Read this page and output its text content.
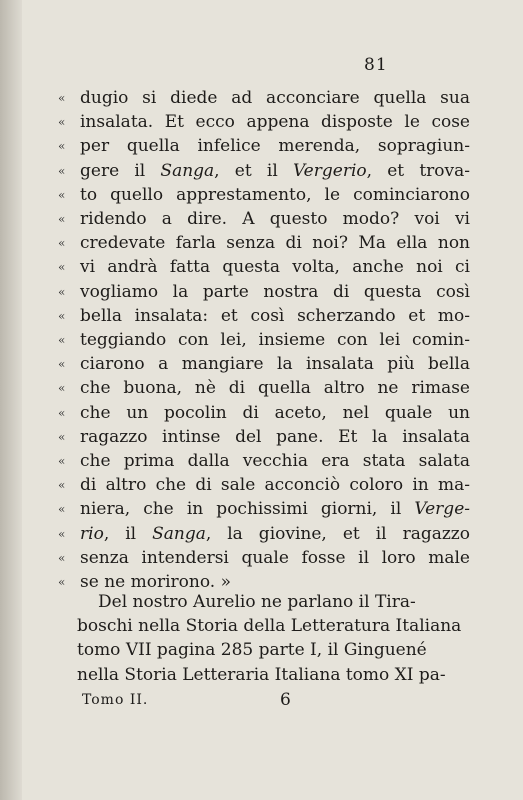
81
« dugio si diede ad acconciare quella sua
« insalata. Et ecco appena disposte le cose
« per quella infelice merenda, sopragiun-
« gere il Sanga, et il Vergerio, et trova-
« to quello apprestamento, le cominciarono
« ridendo a dire. A questo modo? voi vi
« credevate farla senza di noi? Ma ella non
« vi andrà fatta questa volta, anche noi ci
« vogliamo la parte nostra di questa così
« bella insalata: et così scherzando et mo-
« teggiando con lei, insieme con lei comin-
« ciarono a mangiare la insalata più bella
« che buona, nè di quella altro ne rimase
« che un pocolin di aceto, nel quale un
« ragazzo intinse del pane. Et la insalata
« che prima dalla vecchia era stata salata
« di altro che di sale acconciò coloro in ma-
« niera, che in pochissimi giorni, il Verge-
« rio, il Sanga, la giovine, et il ragazzo
« senza intendersi quale fosse il loro male
« se ne morirono. »
Del nostro Aurelio ne parlano il Tira-
boschi nella Storia della Letteratura Italiana
tomo VII pagina 285 parte I, il Ginguené
nella Storia Letteraria Italiana tomo XI pa-
Tomo II.	6
